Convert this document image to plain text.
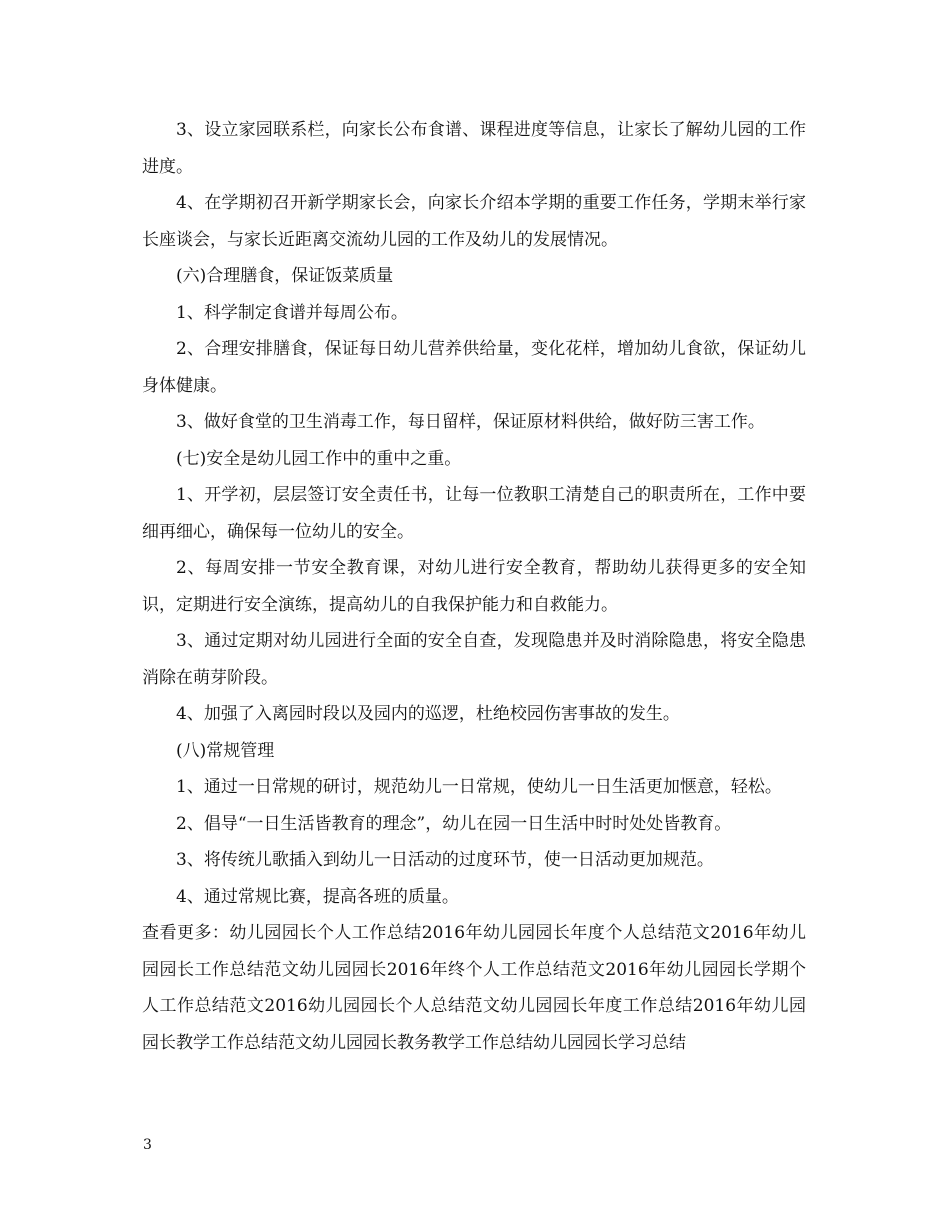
3、设立家园联系栏，向家长公布食谱、课程进度等信息，让家长了解幼儿园的工作进度。

4、在学期初召开新学期家长会，向家长介绍本学期的重要工作任务，学期末举行家长座谈会，与家长近距离交流幼儿园的工作及幼儿的发展情况。

(六)合理膳食，保证饭菜质量

1、科学制定食谱并每周公布。

2、合理安排膳食，保证每日幼儿营养供给量，变化花样，增加幼儿食欲，保证幼儿身体健康。

3、做好食堂的卫生消毒工作，每日留样，保证原材料供给，做好防三害工作。

(七)安全是幼儿园工作中的重中之重。

1、开学初，层层签订安全责任书，让每一位教职工清楚自己的职责所在，工作中要细再细心，确保每一位幼儿的安全。

2、每周安排一节安全教育课，对幼儿进行安全教育，帮助幼儿获得更多的安全知识，定期进行安全演练，提高幼儿的自我保护能力和自救能力。

3、通过定期对幼儿园进行全面的安全自查，发现隐患并及时消除隐患，将安全隐患消除在萌芽阶段。

4、加强了入离园时段以及园内的巡逻，杜绝校园伤害事故的发生。

(八)常规管理

1、通过一日常规的研讨，规范幼儿一日常规，使幼儿一日生活更加惬意，轻松。

2、倡导“一日生活皆教育的理念”，幼儿在园一日生活中时时处处皆教育。

3、将传统儿歌插入到幼儿一日活动的过度环节，使一日活动更加规范。

4、通过常规比赛，提高各班的质量。

查看更多：幼儿园园长个人工作总结2016年幼儿园园长年度个人总结范文2016年幼儿园园长工作总结范文幼儿园园长2016年终个人工作总结范文2016年幼儿园园长学期个人工作总结范文2016幼儿园园长个人总结范文幼儿园园长年度工作总结2016年幼儿园园长教学工作总结范文幼儿园园长教务教学工作总结幼儿园园长学习总结

3
